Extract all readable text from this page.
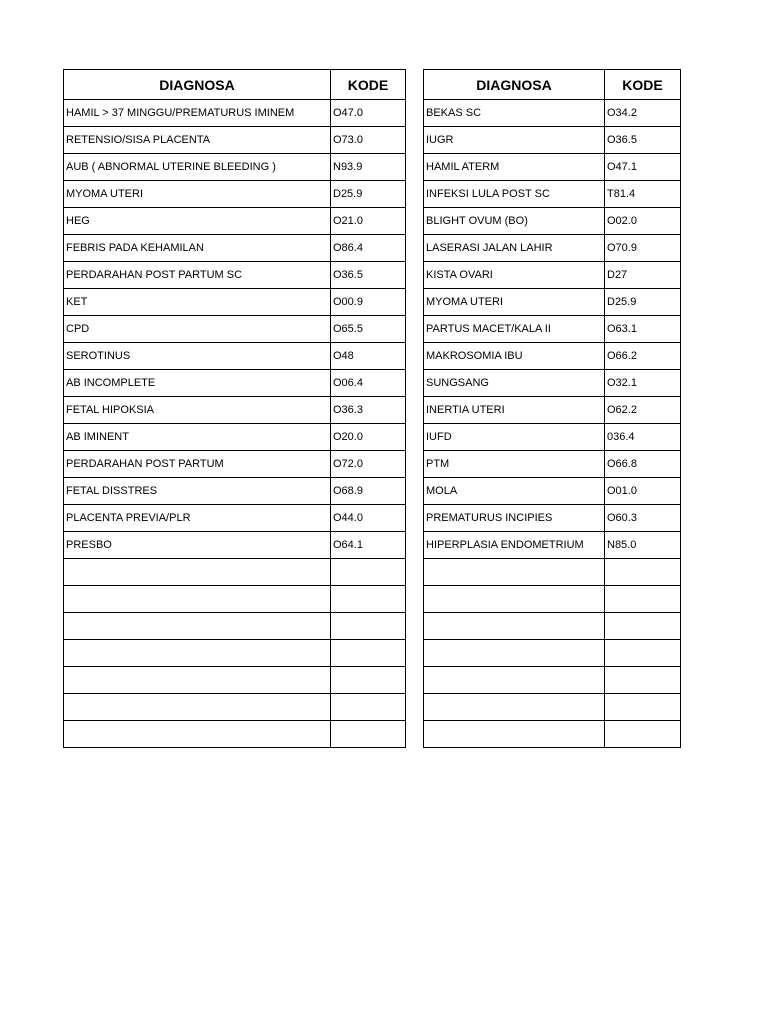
DIAGNOSA	KODE
HAMIL > 37 MINGGU/PREMATURUS IMINEM	O47.0
RETENSIO/SISA PLACENTA	O73.0
AUB ( ABNORMAL UTERINE BLEEDING )	N93.9
MYOMA UTERI	D25.9
HEG	O21.0
FEBRIS PADA KEHAMILAN	O86.4
PERDARAHAN POST PARTUM SC	O36.5
KET	O00.9
CPD	O65.5
SEROTINUS	O48
AB INCOMPLETE	O06.4
FETAL HIPOKSIA	O36.3
AB IMINENT	O20.0
PERDARAHAN POST PARTUM	O72.0
FETAL DISSTRES	O68.9
PLACENTA PREVIA/PLR	O44.0
PRESBO	O64.1

DIAGNOSA	KODE
BEKAS SC	O34.2
IUGR	O36.5
HAMIL ATERM	O47.1
INFEKSI LULA POST SC	T81.4
BLIGHT OVUM (BO)	O02.0
LASERASI JALAN LAHIR	O70.9
KISTA OVARI	D27
MYOMA UTERI	D25.9
PARTUS MACET/KALA II	O63.1
MAKROSOMIA IBU	O66.2
SUNGSANG	O32.1
INERTIA UTERI	O62.2
IUFD	036.4
PTM	O66.8
MOLA	O01.0
PREMATURUS INCIPIES	O60.3
HIPERPLASIA ENDOMETRIUM	N85.0
